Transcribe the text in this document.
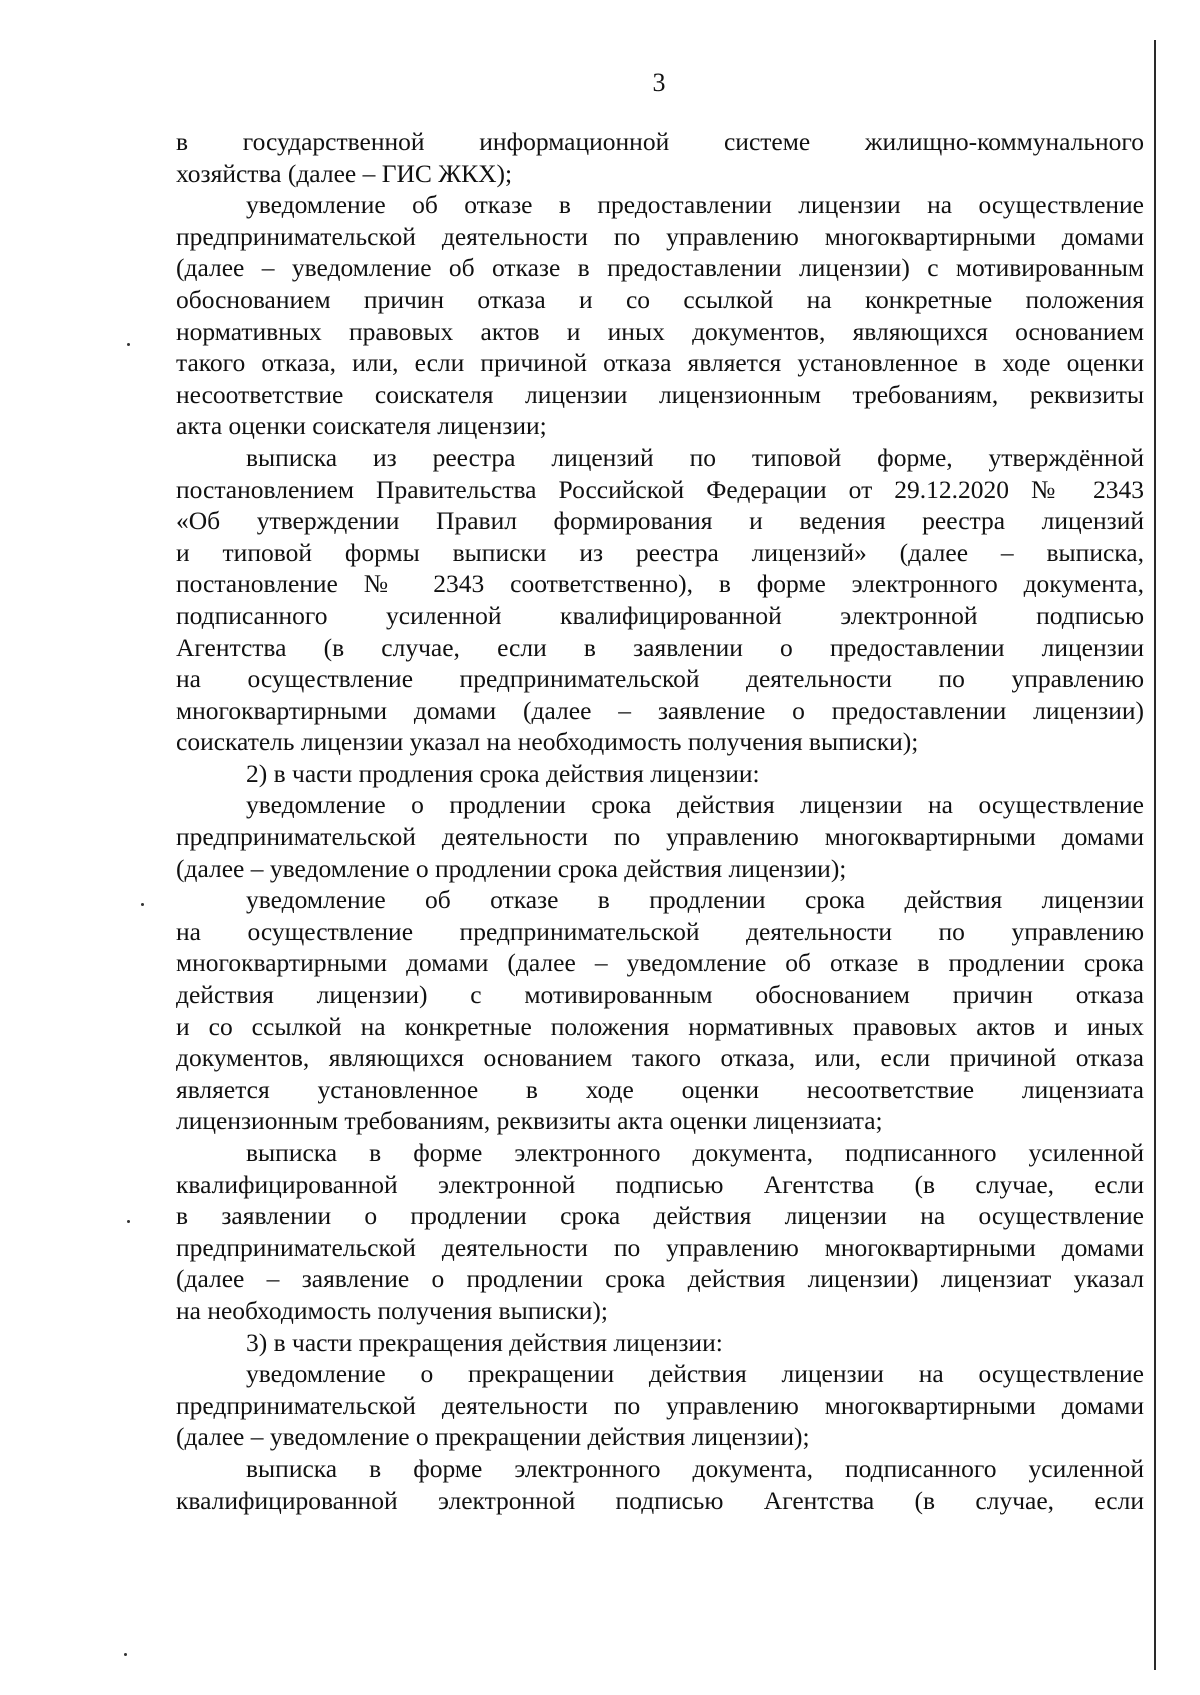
3
в государственной информационной системе жилищно-коммунального
хозяйства (далее – ГИС ЖКХ);
уведомление об отказе в предоставлении лицензии на осуществление
предпринимательской деятельности по управлению многоквартирными домами
(далее – уведомление об отказе в предоставлении лицензии) с мотивированным
обоснованием причин отказа и со ссылкой на конкретные положения
нормативных правовых актов и иных документов, являющихся основанием
такого отказа, или, если причиной отказа является установленное в ходе оценки
несоответствие соискателя лицензии лицензионным требованиям, реквизиты
акта оценки соискателя лицензии;
выписка из реестра лицензий по типовой форме, утверждённой
постановлением Правительства Российской Федерации от 29.12.2020 № 2343
«Об утверждении Правил формирования и ведения реестра лицензий
и типовой формы выписки из реестра лицензий» (далее – выписка,
постановление № 2343 соответственно), в форме электронного документа,
подписанного усиленной квалифицированной электронной подписью
Агентства (в случае, если в заявлении о предоставлении лицензии
на осуществление предпринимательской деятельности по управлению
многоквартирными домами (далее – заявление о предоставлении лицензии)
соискатель лицензии указал на необходимость получения выписки);
2) в части продления срока действия лицензии:
уведомление о продлении срока действия лицензии на осуществление
предпринимательской деятельности по управлению многоквартирными домами
(далее – уведомление о продлении срока действия лицензии);
уведомление об отказе в продлении срока действия лицензии
на осуществление предпринимательской деятельности по управлению
многоквартирными домами (далее – уведомление об отказе в продлении срока
действия лицензии) с мотивированным обоснованием причин отказа
и со ссылкой на конкретные положения нормативных правовых актов и иных
документов, являющихся основанием такого отказа, или, если причиной отказа
является установленное в ходе оценки несоответствие лицензиата
лицензионным требованиям, реквизиты акта оценки лицензиата;
выписка в форме электронного документа, подписанного усиленной
квалифицированной электронной подписью Агентства (в случае, если
в заявлении о продлении срока действия лицензии на осуществление
предпринимательской деятельности по управлению многоквартирными домами
(далее – заявление о продлении срока действия лицензии) лицензиат указал
на необходимость получения выписки);
3) в части прекращения действия лицензии:
уведомление о прекращении действия лицензии на осуществление
предпринимательской деятельности по управлению многоквартирными домами
(далее – уведомление о прекращении действия лицензии);
выписка в форме электронного документа, подписанного усиленной
квалифицированной электронной подписью Агентства (в случае, если
